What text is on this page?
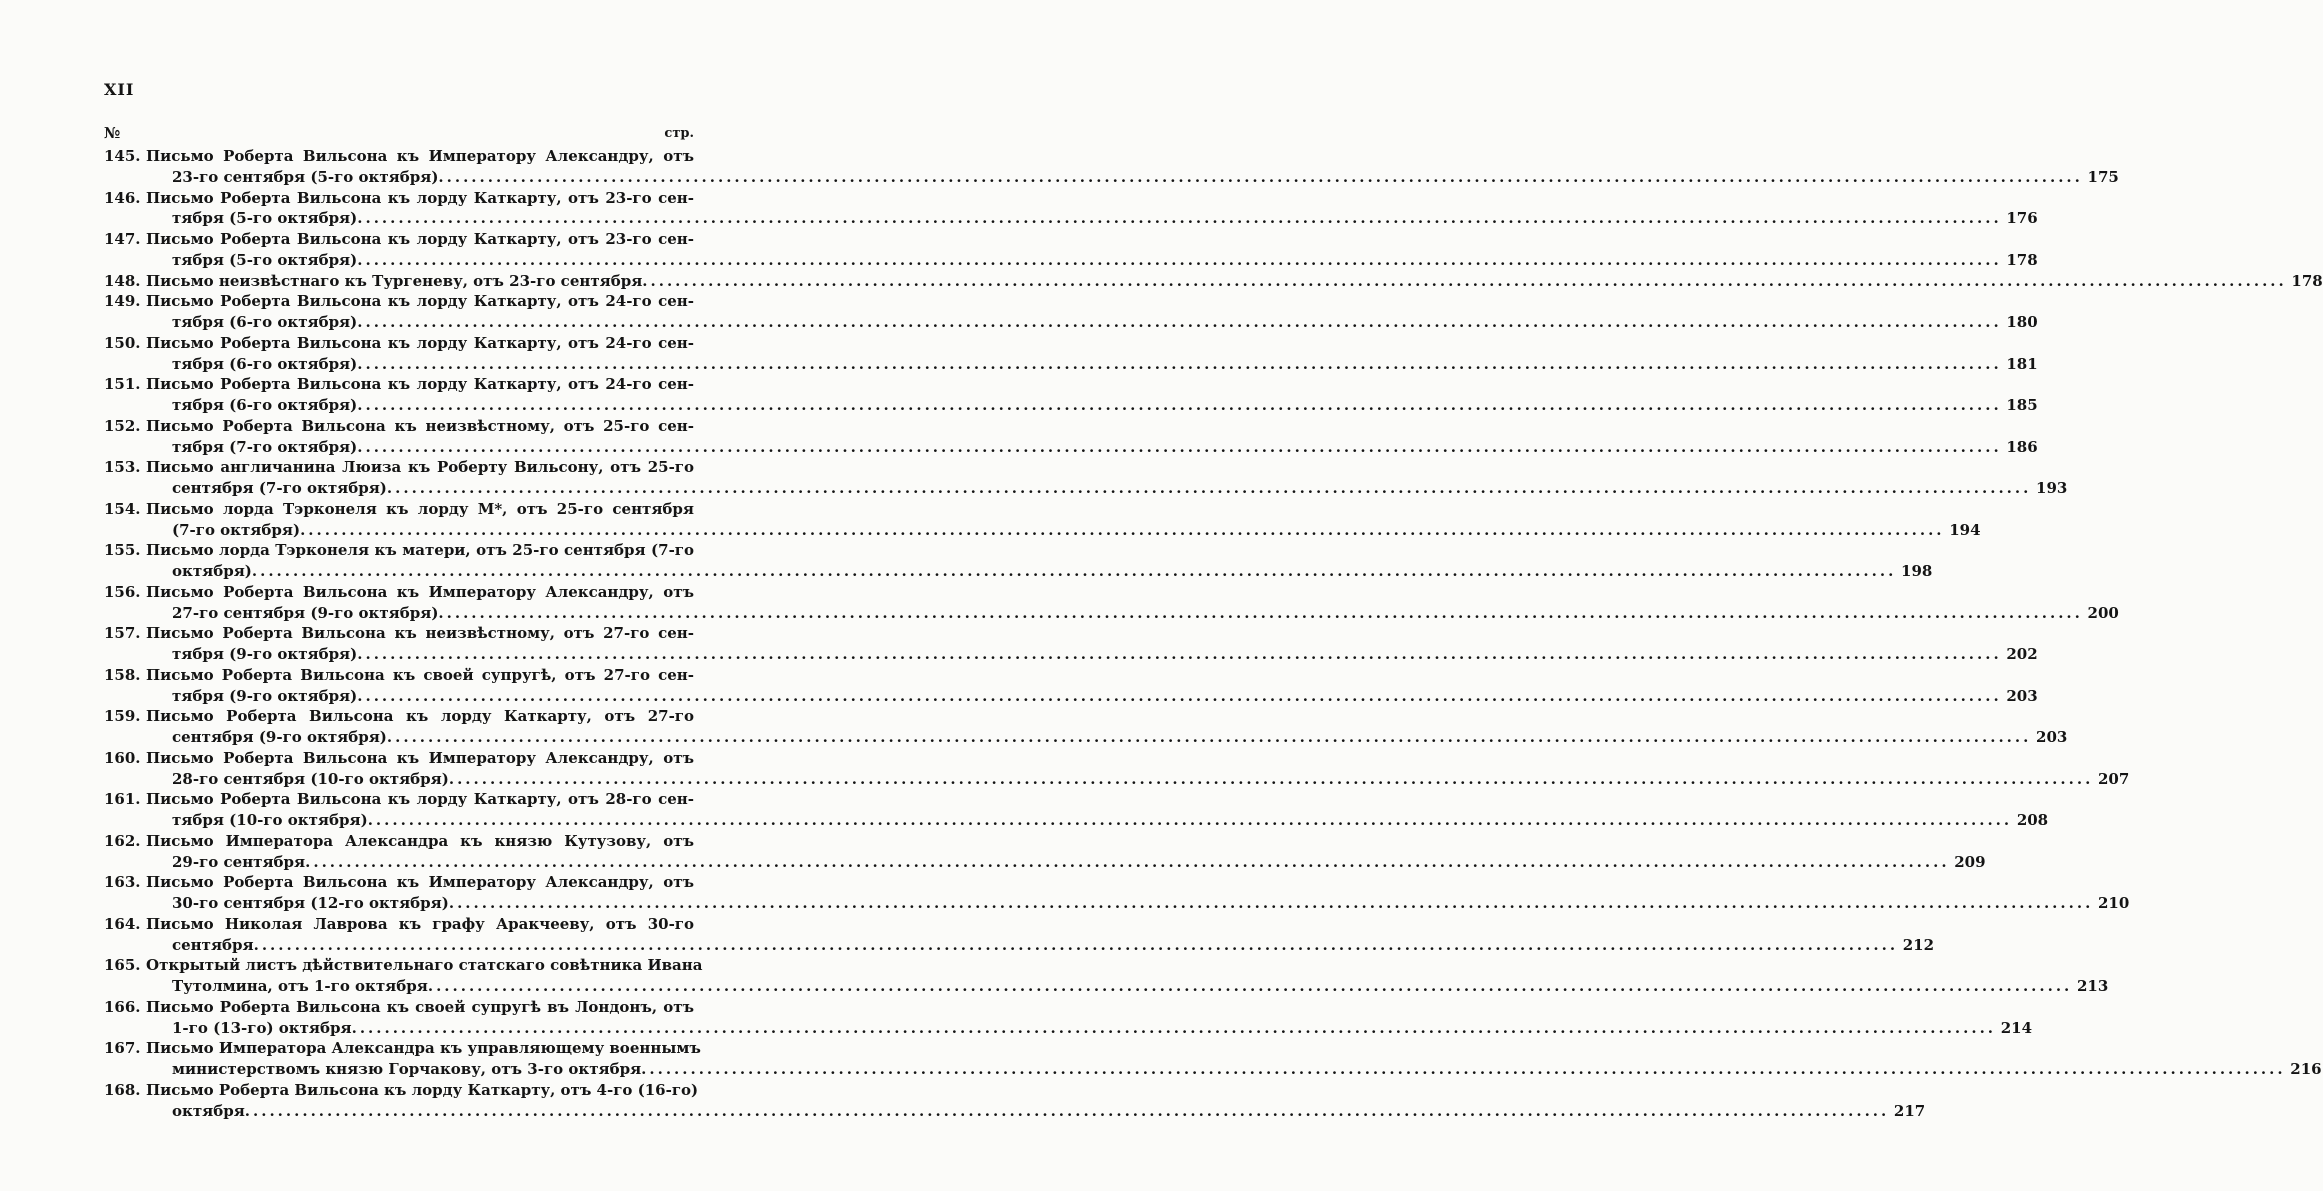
XII
№	стр.
145. Письмо Роберта Вильсона къ Императору Александру, отъ
23-го сентября (5-го октября) ........................................................................................................................................................................................................ 175
146. Письмо Роберта Вильсона къ лорду Каткарту, отъ 23-го сен-
тября (5-го октября) ........................................................................................................................................................................................................ 176
147. Письмо Роберта Вильсона къ лорду Каткарту, отъ 23-го сен-
тября (5-го октября) ........................................................................................................................................................................................................ 178
148. Письмо неизвѣстнаго къ Тургеневу, отъ 23-го сентября ........................................................................................................................................................................................................ 178
149. Письмо Роберта Вильсона къ лорду Каткарту, отъ 24-го сен-
тября (6-го октября) ........................................................................................................................................................................................................ 180
150. Письмо Роберта Вильсона къ лорду Каткарту, отъ 24-го сен-
тября (6-го октября) ........................................................................................................................................................................................................ 181
151. Письмо Роберта Вильсона къ лорду Каткарту, отъ 24-го сен-
тября (6-го октября) ........................................................................................................................................................................................................ 185
152. Письмо Роберта Вильсона къ неизвѣстному, отъ 25-го сен-
тября (7-го октября) ........................................................................................................................................................................................................ 186
153. Письмо англичанина Люиза къ Роберту Вильсону, отъ 25-го
сентября (7-го октября) ........................................................................................................................................................................................................ 193
154. Письмо лорда Тэрконеля къ лорду М*, отъ 25-го сентября
(7-го октября) ........................................................................................................................................................................................................ 194
155. Письмо лорда Тэрконеля къ матери, отъ 25-го сентября (7-го
октября) ........................................................................................................................................................................................................ 198
156. Письмо Роберта Вильсона къ Императору Александру, отъ
27-го сентября (9-го октября) ........................................................................................................................................................................................................ 200
157. Письмо Роберта Вильсона къ неизвѣстному, отъ 27-го сен-
тября (9-го октября) ........................................................................................................................................................................................................ 202
158. Письмо Роберта Вильсона къ своей супругѣ, отъ 27-го сен-
тября (9-го октября) ........................................................................................................................................................................................................ 203
159. Письмо Роберта Вильсона къ лорду Каткарту, отъ 27-го
сентября (9-го октября) ........................................................................................................................................................................................................ 203
160. Письмо Роберта Вильсона къ Императору Александру, отъ
28-го сентября (10-го октября) ........................................................................................................................................................................................................ 207
161. Письмо Роберта Вильсона къ лорду Каткарту, отъ 28-го сен-
тября (10-го октября) ........................................................................................................................................................................................................ 208
162. Письмо Императора Александра къ князю Кутузову, отъ
29-го сентября ........................................................................................................................................................................................................ 209
163. Письмо Роберта Вильсона къ Императору Александру, отъ
30-го сентября (12-го октября) ........................................................................................................................................................................................................ 210
164. Письмо Николая Лаврова къ графу Аракчееву, отъ 30-го
сентября ........................................................................................................................................................................................................ 212
165. Открытый листъ дѣйствительнаго статскаго совѣтника Ивана
Тутолмина, отъ 1-го октября ........................................................................................................................................................................................................ 213
166. Письмо Роберта Вильсона къ своей супругѣ въ Лондонъ, отъ
1-го (13-го) октября ........................................................................................................................................................................................................ 214
167. Письмо Императора Александра къ управляющему военнымъ
министерствомъ князю Горчакову, отъ 3-го октября ........................................................................................................................................................................................................ 216
168. Письмо Роберта Вильсона къ лорду Каткарту, отъ 4-го (16-го)
октября ........................................................................................................................................................................................................ 217
